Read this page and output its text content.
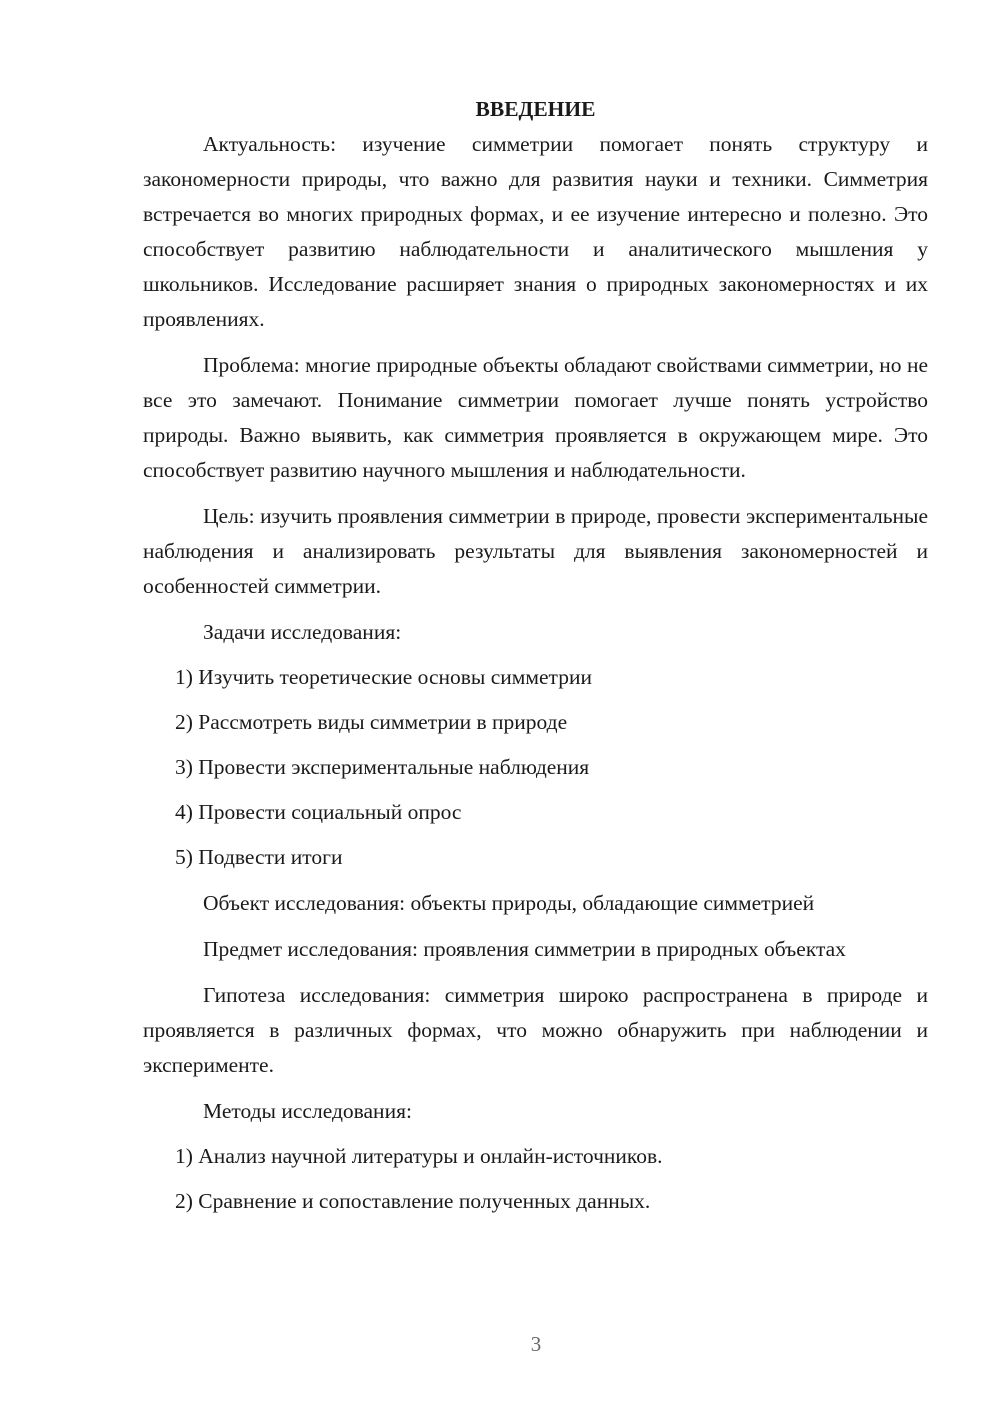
ВВЕДЕНИЕ

Актуальность: изучение симметрии помогает понять структуру и закономерности природы, что важно для развития науки и техники. Симметрия встречается во многих природных формах, и ее изучение интересно и полезно. Это способствует развитию наблюдательности и аналитического мышления у школьников. Исследование расширяет знания о природных закономерностях и их проявлениях.

Проблема: многие природные объекты обладают свойствами симметрии, но не все это замечают. Понимание симметрии помогает лучше понять устройство природы. Важно выявить, как симметрия проявляется в окружающем мире. Это способствует развитию научного мышления и наблюдательности.

Цель: изучить проявления симметрии в природе, провести экспериментальные наблюдения и анализировать результаты для выявления закономерностей и особенностей симметрии.

Задачи исследования:

1) Изучить теоретические основы симметрии

2) Рассмотреть виды симметрии в природе

3) Провести экспериментальные наблюдения

4) Провести социальный опрос

5) Подвести итоги

Объект исследования: объекты природы, обладающие симметрией

Предмет исследования: проявления симметрии в природных объектах

Гипотеза исследования: симметрия широко распространена в природе и проявляется в различных формах, что можно обнаружить при наблюдении и эксперименте.

Методы исследования:

1) Анализ научной литературы и онлайн-источников.

2) Сравнение и сопоставление полученных данных.

3
